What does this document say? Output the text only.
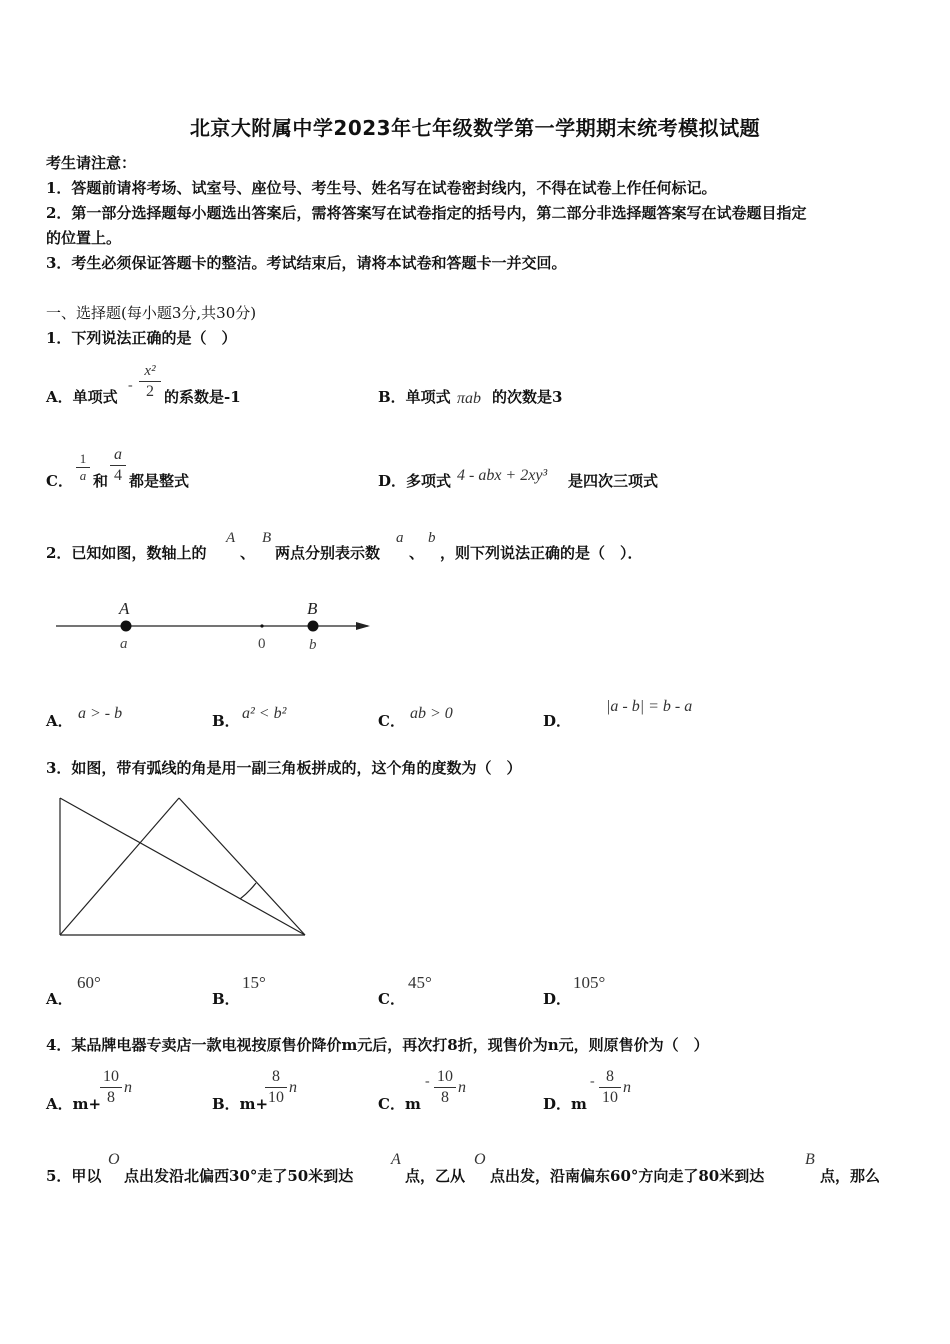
北京大附属中学2023年七年级数学第一学期期末统考模拟试题
考生请注意：
1．答题前请将考场、试室号、座位号、考生号、姓名写在试卷密封线内，不得在试卷上作任何标记。
2．第一部分选择题每小题选出答案后，需将答案写在试卷指定的括号内，第二部分非选择题答案写在试卷题目指定
的位置上。
3．考生必须保证答题卡的整洁。考试结束后，请将本试卷和答题卡一并交回。
一、选择题(每小题3分,共30分)
1．下列说法正确的是（　）
A．单项式
-
x²
2 的系数是-1	B．单项式 πab 的次数是3
C．
1
a 和
a
4 都是整式	D．多项式 4 - abx + 2xy³ 是四次三项式
2．已知如图，数轴上的
A
、
B
两点分别表示数
a
、
b
，则下列说法正确的是（　）．
A	B
a	0	b
A． a > - b	B． a² < b²	C． ab > 0	D．
|a - b| = b - a
3．如图，带有弧线的角是用一副三角板拼成的，这个角的度数为（　）
A．
60°
B．
15°
C．
45°
D．
105°
4．某品牌电器专卖店一款电视按原售价降价m元后，再次打8折，现售价为n元，则原售价为（　）
A．m+
10
8
n
B．m+
8
10
n
C．m
- 10
8
n
D．m
- 8
10
n
5．甲以
O
点出发沿北偏西30°走了50米到达
A
点，乙从
O
点出发，沿南偏东60°方向走了80米到达
B
点，那么
